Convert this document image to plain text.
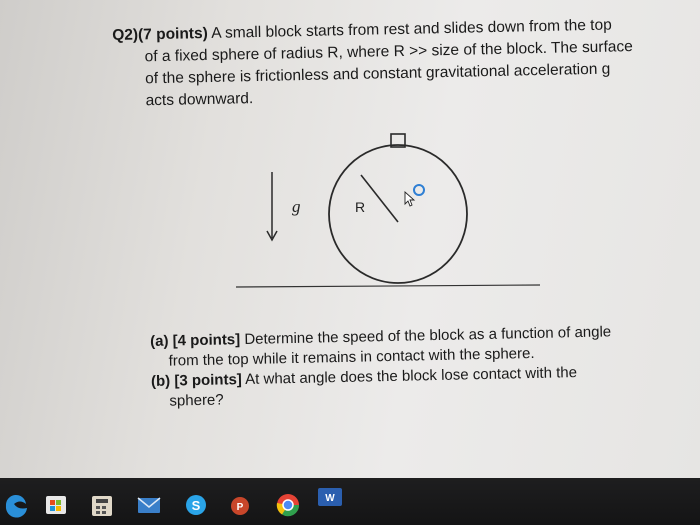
Q2)(7 points) A small block starts from rest and slides down from the top
of a fixed sphere of radius R, where R >> size of the block. The surface
of the sphere is frictionless and constant gravitational acceleration g
acts downward.
g⃗	R
(a) [4 points] Determine the speed of the block as a function of angle
from the top while it remains in contact with the sphere.
(b) [3 points] At what angle does the block lose contact with the
sphere?
S	P
W
